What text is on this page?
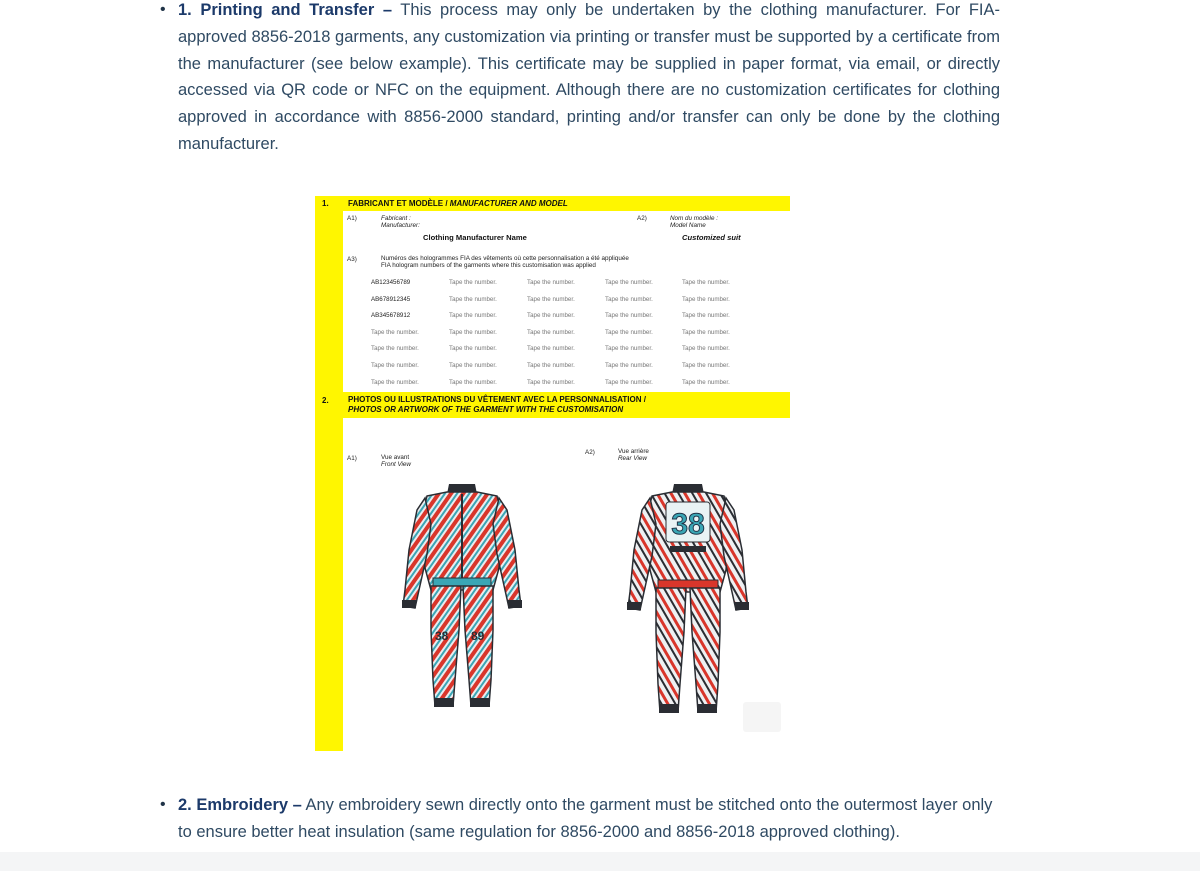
• 1. Printing and Transfer – This process may only be undertaken by the clothing manufacturer. For FIA-approved 8856-2018 garments, any customization via printing or transfer must be supported by a certificate from the manufacturer (see below example). This certificate may be supplied in paper format, via email, or directly accessed via QR code or NFC on the equipment. Although there are no customization certificates for clothing approved in accordance with 8856-2000 standard, printing and/or transfer can only be done by the clothing manufacturer.
• 2. Embroidery – Any embroidery sewn directly onto the garment must be stitched onto the outermost layer only to ensure better heat insulation (same regulation for 8856-2000 and 8856-2018 approved clothing).
1. FABRICANT ET MODÈLE / MANUFACTURER AND MODEL
A1)	Fabricant :
Manufacturer:
Clothing Manufacturer Name
A2)	Nom du modèle :
Model Name
Customized suit
A3)	Numéros des hologrammes FIA des vêtements où cette personnalisation a été appliquée
FIA hologram numbers of the garments where this customisation was applied
AB123456789	Tape the number.	Tape the number.	Tape the number.	Tape the number.
AB678912345	Tape the number.	Tape the number.	Tape the number.	Tape the number.
AB345678912	Tape the number.	Tape the number.	Tape the number.	Tape the number.
Tape the number.	Tape the number.	Tape the number.	Tape the number.	Tape the number.
Tape the number.	Tape the number.	Tape the number.	Tape the number.	Tape the number.
Tape the number.	Tape the number.	Tape the number.	Tape the number.	Tape the number.
Tape the number.	Tape the number.	Tape the number.	Tape the number.	Tape the number.
2. PHOTOS OU ILLUSTRATIONS DU VÊTEMENT AVEC LA PERSONNALISATION /
PHOTOS OR ARTWORK OF THE GARMENT WITH THE CUSTOMISATION
A1)	Vue avant
Front View
A2)	Vue arrière
Rear View
38 89
38
